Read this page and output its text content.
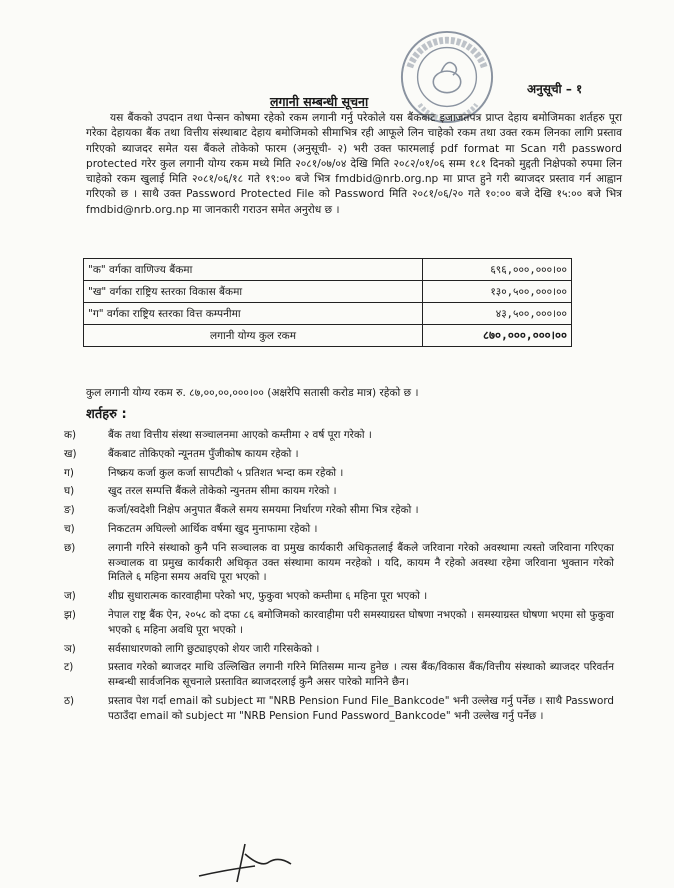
अनुसूची – १
लगानी सम्बन्धी सूचना

यस बैंकको उपदान तथा पेन्सन कोषमा रहेको रकम लगानी गर्नु परेकोले यस बैंकबाट इजाजतपत्र प्राप्त देहाय बमोजिमका शर्तहरु पूरा गरेका देहायका बैंक तथा वित्तीय संस्थाबाट देहाय बमोजिमको सीमाभित्र रही आफूले लिन चाहेको रकम तथा उक्त रकम लिनका लागि प्रस्ताव गरिएको ब्याजदर समेत यस बैंकले तोकेको फारम (अनुसूची- २) भरी उक्त फारमलाई pdf format मा Scan गरी password protected गरेर कुल लगानी योग्य रकम मध्ये मिति २०८१/०७/०४ देखि मिति २०८२/०१/०६ सम्म १८१ दिनको मुद्दती निक्षेपको रुपमा लिन चाहेको रकम खुलाई मिति २०८१/०६/१८ गते १९:०० बजे भित्र fmdbid@nrb.org.np मा प्राप्त हुने गरी ब्याजदर प्रस्ताव गर्न आह्वान गरिएको छ । साथै उक्त Password Protected File को Password मिति २०८१/०६/२० गते १०:०० बजे देखि १५:०० बजे भित्र fmdbid@nrb.org.np मा जानकारी गराउन समेत अनुरोध छ ।

"क" वर्गका वाणिज्य बैंकमा	६९६,०००,०००।००
"ख" वर्गका राष्ट्रिय स्तरका विकास बैंकमा	१३०,५००,०००।००
"ग" वर्गका राष्ट्रिय स्तरका वित्त कम्पनीमा	४३,५००,०००।००
लगानी योग्य कुल रकम	८७०,०००,०००।००
कुल लगानी योग्य रकम रु. ८७,००,००,०००।०० (अक्षरेपि सतासी करोड मात्र) रहेको छ ।
शर्तहरु :
क)	बैंक तथा वित्तीय संस्था सञ्चालनमा आएको कम्तीमा २ वर्ष पूरा गरेको ।
ख)	बैंकबाट तोकिएको न्यूनतम पुँजीकोष कायम रहेको ।
ग)	निष्क्रय कर्जा कुल कर्जा सापटीको ५ प्रतिशत भन्दा कम रहेको ।
घ)	खुद तरल सम्पत्ति बैंकले तोकेको न्युनतम सीमा कायम गरेको ।
ङ)	कर्जा/स्वदेशी निक्षेप अनुपात बैंकले समय समयमा निर्धारण गरेको सीमा भित्र रहेको ।
च)	निकटतम अघिल्लो आर्थिक वर्षमा खुद मुनाफामा रहेको ।
छ)	लगानी गरिने संस्थाको कुनै पनि सञ्चालक वा प्रमुख कार्यकारी अधिकृतलाई बैंकले जरिवाना गरेको अवस्थामा त्यस्तो जरिवाना गरिएका सञ्चालक वा प्रमुख कार्यकारी अधिकृत उक्त संस्थामा कायम नरहेको । यदि, कायम नै रहेको अवस्था रहेमा जरिवाना भुक्तान गरेको मितिले ६ महिना समय अवधि पूरा भएको ।
ज)	शीघ्र सुधारात्मक कारवाहीमा परेको भए, फुकुवा भएको कम्तीमा ६ महिना पूरा भएको ।
झ)	नेपाल राष्ट्र बैंक ऐन, २०५८ को दफा ८६ बमोजिमको कारवाहीमा परी समस्याग्रस्त घोषणा नभएको । समस्याग्रस्त घोषणा भएमा सो फुकुवा भएको ६ महिना अवधि पूरा भएको ।
ञ)	सर्वसाधारणको लागि छुट्याइएको शेयर जारी गरिसकेको ।
ट)	प्रस्ताव गरेको ब्याजदर माथि उल्लिखित लगानी गरिने मितिसम्म मान्य हुनेछ । त्यस बैंक/विकास बैंक/वित्तीय संस्थाको ब्याजदर परिवर्तन सम्बन्धी सार्वजनिक सूचनाले प्रस्तावित ब्याजदरलाई कुनै असर पारेको मानिने छैन।
ठ)	प्रस्ताव पेश गर्दा email को subject मा "NRB Pension Fund File_Bankcode" भनी उल्लेख गर्नु पर्नेछ । साथै Password पठाउँदा email को subject मा "NRB Pension Fund Password_Bankcode" भनी उल्लेख गर्नु पर्नेछ ।
